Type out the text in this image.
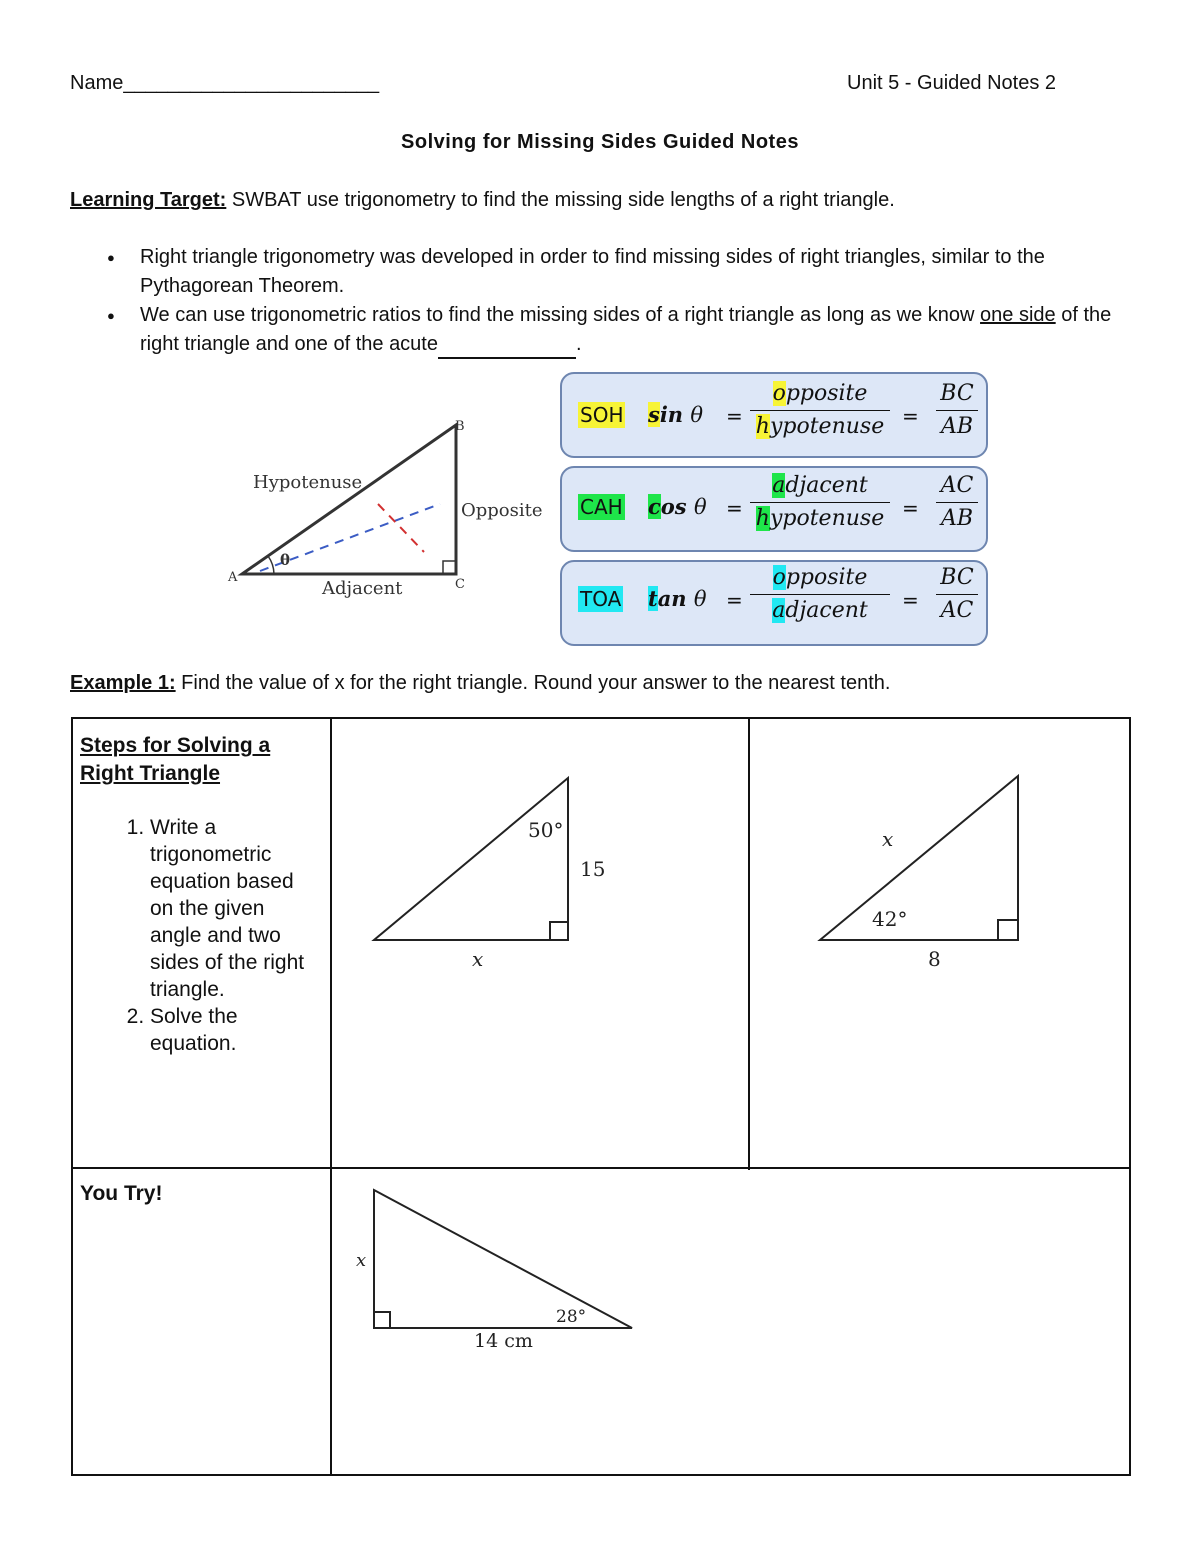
Name_______________________	Unit 5 - Guided Notes 2
Solving for Missing Sides Guided Notes
Learning Target: SWBAT use trigonometry to find the missing side lengths of a right triangle.
● Right triangle trigonometry was developed in order to find missing sides of right triangles, similar to the Pythagorean Theorem.
● We can use trigonometric ratios to find the missing sides of a right triangle as long as we know one side of the right triangle and one of the acute	.
A
B
C
θ
Hypotenuse
Opposite
Adjacent
SOH sin θ =
opposite
hypotenuse =
BC
AB
CAH cos θ =
adjacent
hypotenuse =
AC
AB
TOA tan θ =
opposite
adjacent	=
BC
AC
Example 1: Find the value of x for the right triangle. Round your answer to the nearest tenth.
Steps for Solving a Right Triangle
1. Write a trigonometric equation based on the given angle and two sides of the right triangle.
2. Solve the equation.
50°
15
x
x
42°
8
You Try!
x
28°
14 cm
